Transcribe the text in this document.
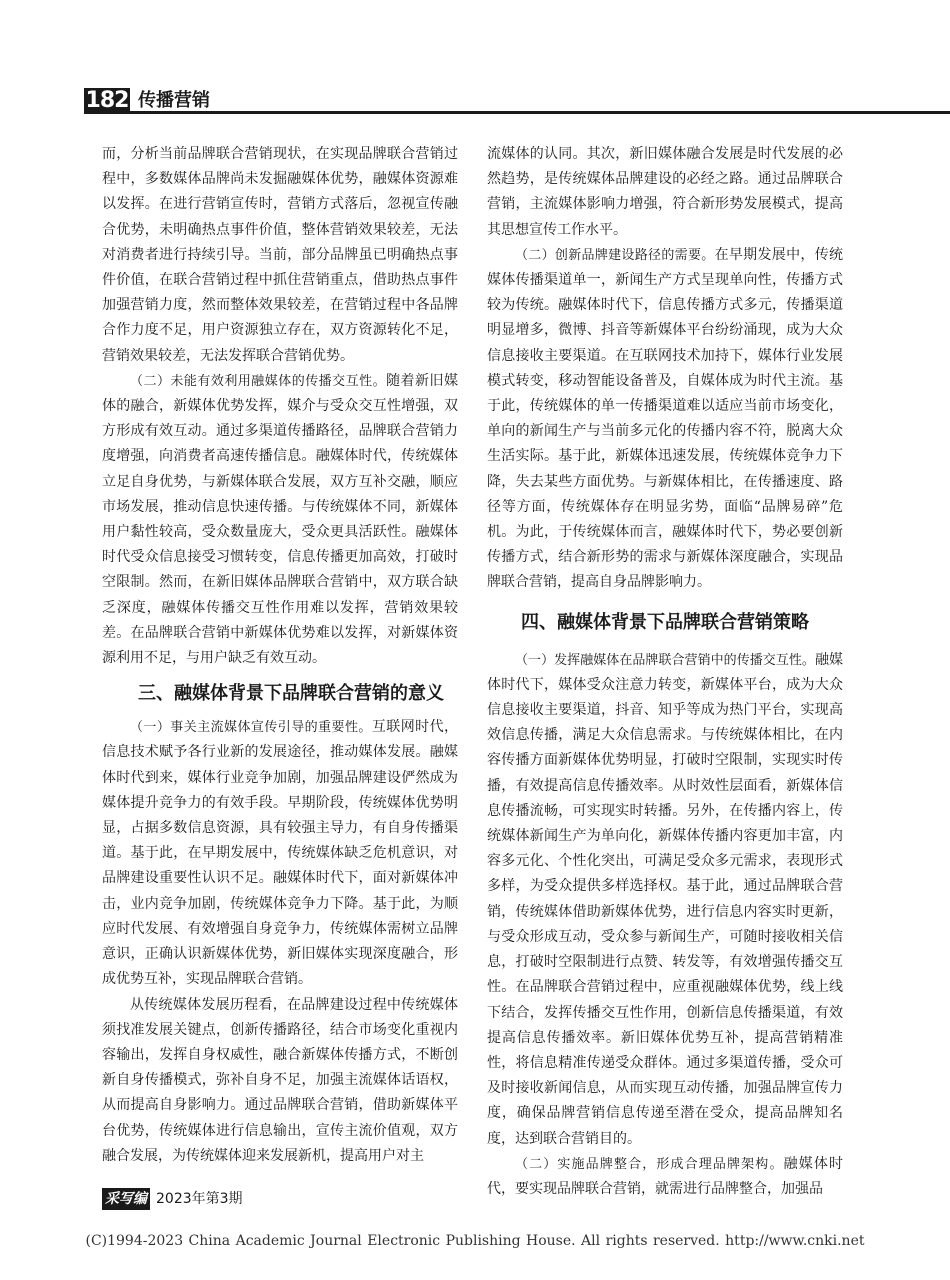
182 传播营销

而，分析当前品牌联合营销现状，在实现品牌联合营销过程中，多数媒体品牌尚未发掘融媒体优势，融媒体资源难以发挥。在进行营销宣传时，营销方式落后，忽视宣传融合优势，未明确热点事件价值，整体营销效果较差，无法对消费者进行持续引导。当前，部分品牌虽已明确热点事件价值，在联合营销过程中抓住营销重点，借助热点事件加强营销力度，然而整体效果较差，在营销过程中各品牌合作力度不足，用户资源独立存在，双方资源转化不足，营销效果较差，无法发挥联合营销优势。

（二）未能有效利用融媒体的传播交互性。随着新旧媒体的融合，新媒体优势发挥，媒介与受众交互性增强，双方形成有效互动。通过多渠道传播路径，品牌联合营销力度增强，向消费者高速传播信息。融媒体时代，传统媒体立足自身优势，与新媒体联合发展，双方互补交融，顺应市场发展，推动信息快速传播。与传统媒体不同，新媒体用户黏性较高，受众数量庞大，受众更具活跃性。融媒体时代受众信息接受习惯转变，信息传播更加高效，打破时空限制。然而，在新旧媒体品牌联合营销中，双方联合缺乏深度，融媒体传播交互性作用难以发挥，营销效果较差。在品牌联合营销中新媒体优势难以发挥，对新媒体资源利用不足，与用户缺乏有效互动。

三、融媒体背景下品牌联合营销的意义

（一）事关主流媒体宣传引导的重要性。互联网时代，信息技术赋予各行业新的发展途径，推动媒体发展。融媒体时代到来，媒体行业竞争加剧，加强品牌建设俨然成为媒体提升竞争力的有效手段。早期阶段，传统媒体优势明显，占据多数信息资源，具有较强主导力，有自身传播渠道。基于此，在早期发展中，传统媒体缺乏危机意识，对品牌建设重要性认识不足。融媒体时代下，面对新媒体冲击，业内竞争加剧，传统媒体竞争力下降。基于此，为顺应时代发展、有效增强自身竞争力，传统媒体需树立品牌意识，正确认识新媒体优势，新旧媒体实现深度融合，形成优势互补，实现品牌联合营销。

从传统媒体发展历程看，在品牌建设过程中传统媒体须找准发展关键点，创新传播路径，结合市场变化重视内容输出，发挥自身权威性，融合新媒体传播方式，不断创新自身传播模式，弥补自身不足，加强主流媒体话语权，从而提高自身影响力。通过品牌联合营销，借助新媒体平台优势，传统媒体进行信息输出，宣传主流价值观，双方融合发展，为传统媒体迎来发展新机，提高用户对主

流媒体的认同。其次，新旧媒体融合发展是时代发展的必然趋势，是传统媒体品牌建设的必经之路。通过品牌联合营销，主流媒体影响力增强，符合新形势发展模式，提高其思想宣传工作水平。

（二）创新品牌建设路径的需要。在早期发展中，传统媒体传播渠道单一，新闻生产方式呈现单向性，传播方式较为传统。融媒体时代下，信息传播方式多元，传播渠道明显增多，微博、抖音等新媒体平台纷纷涌现，成为大众信息接收主要渠道。在互联网技术加持下，媒体行业发展模式转变，移动智能设备普及，自媒体成为时代主流。基于此，传统媒体的单一传播渠道难以适应当前市场变化，单向的新闻生产与当前多元化的传播内容不符，脱离大众生活实际。基于此，新媒体迅速发展，传统媒体竞争力下降，失去某些方面优势。与新媒体相比，在传播速度、路径等方面，传统媒体存在明显劣势，面临“品牌易碎”危机。为此，于传统媒体而言，融媒体时代下，势必要创新传播方式，结合新形势的需求与新媒体深度融合，实现品牌联合营销，提高自身品牌影响力。

四、融媒体背景下品牌联合营销策略

（一）发挥融媒体在品牌联合营销中的传播交互性。融媒体时代下，媒体受众注意力转变，新媒体平台，成为大众信息接收主要渠道，抖音、知乎等成为热门平台，实现高效信息传播，满足大众信息需求。与传统媒体相比，在内容传播方面新媒体优势明显，打破时空限制，实现实时传播，有效提高信息传播效率。从时效性层面看，新媒体信息传播流畅，可实现实时转播。另外，在传播内容上，传统媒体新闻生产为单向化，新媒体传播内容更加丰富，内容多元化、个性化突出，可满足受众多元需求，表现形式多样，为受众提供多样选择权。基于此，通过品牌联合营销，传统媒体借助新媒体优势，进行信息内容实时更新，与受众形成互动，受众参与新闻生产，可随时接收相关信息，打破时空限制进行点赞、转发等，有效增强传播交互性。在品牌联合营销过程中，应重视融媒体优势，线上线下结合，发挥传播交互性作用，创新信息传播渠道，有效提高信息传播效率。新旧媒体优势互补，提高营销精准性，将信息精准传递受众群体。通过多渠道传播，受众可及时接收新闻信息，从而实现互动传播，加强品牌宣传力度，确保品牌营销信息传递至潜在受众，提高品牌知名度，达到联合营销目的。

（二）实施品牌整合，形成合理品牌架构。融媒体时代，要实现品牌联合营销，就需进行品牌整合，加强品

采写编 2023年第3期
(C)1994-2023 China Academic Journal Electronic Publishing House. All rights reserved. http://www.cnki.net
